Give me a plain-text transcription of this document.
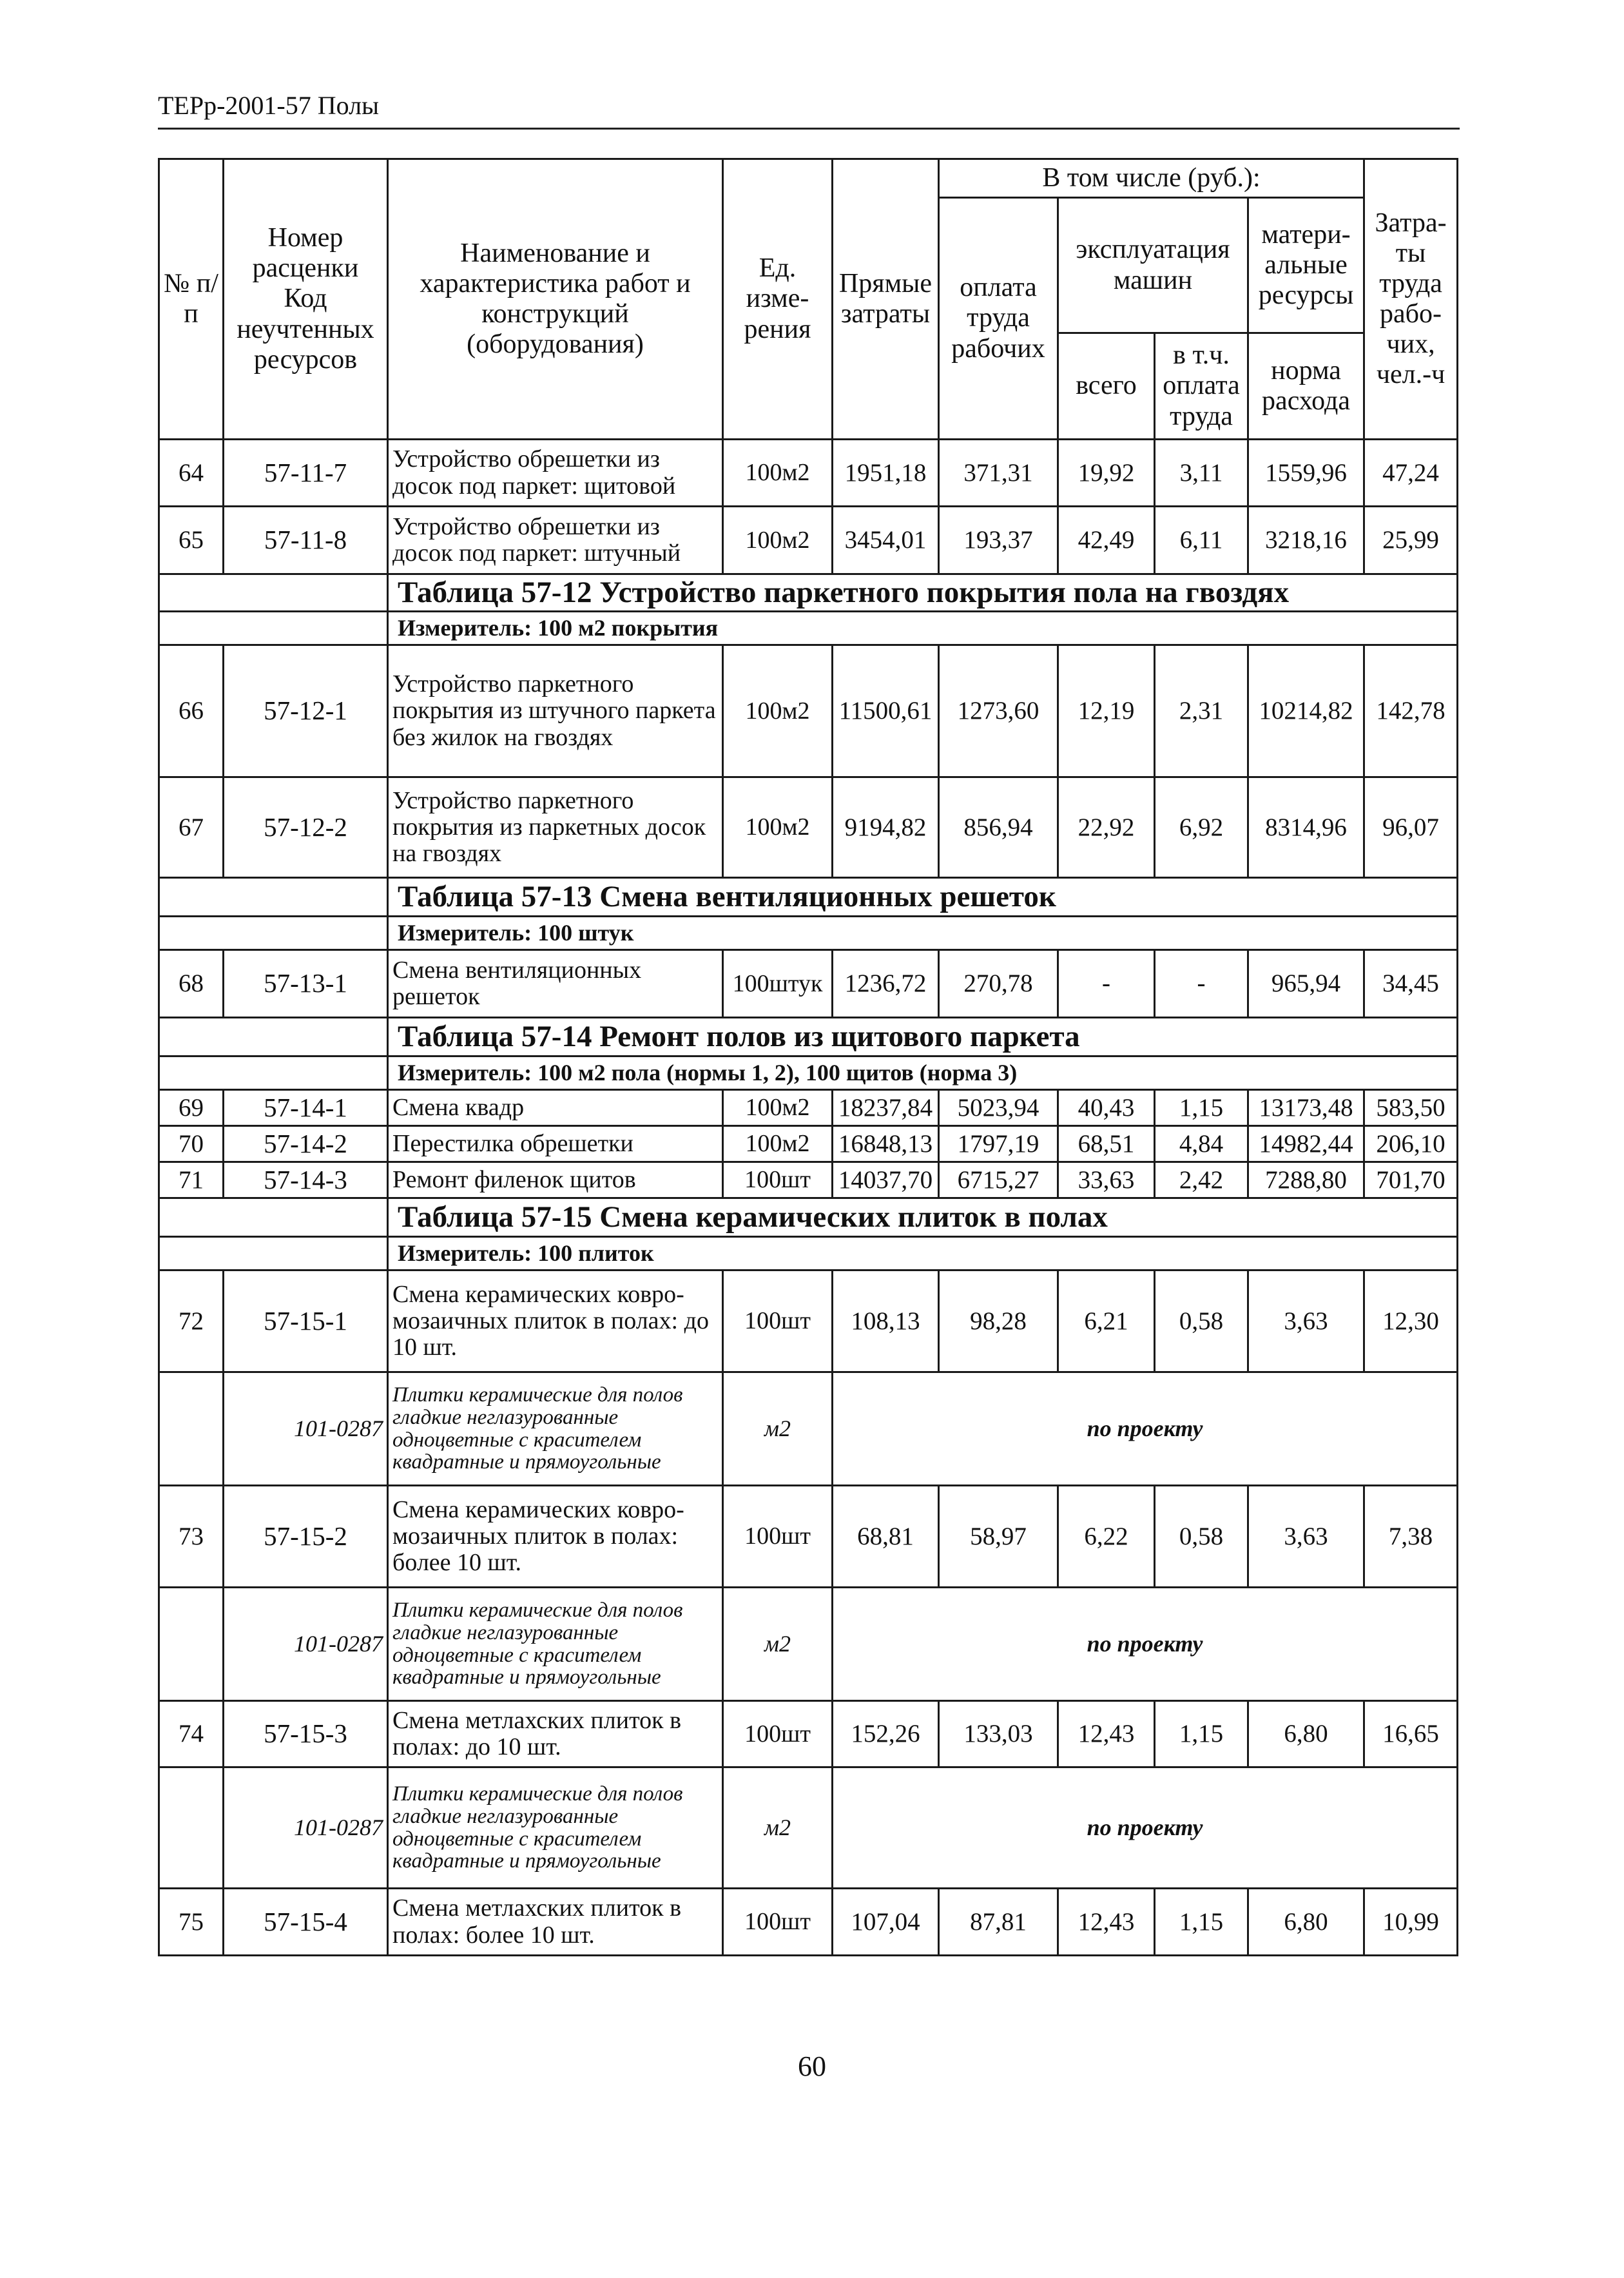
ТЕРр-2001-57 Полы
№ п/п	Номер расценки Код неучтенных ресурсов	Наименование и характеристика работ и конструкций (оборудования)	Ед. изме-рения	Прямые затраты	В том числе (руб.):				Затра-ты труда рабо-чих, чел.-ч
					оплата труда рабочих	эксплуатация машин		матери-альные ресурсы	
						всего	в т.ч. оплата труда	норма расхода	
64	57-11-7	Устройство обрешетки из досок под паркет: щитовой	100м2	1951,18	371,31	19,92	3,11	1559,96	47,24
65	57-11-8	Устройство обрешетки из досок под паркет: штучный	100м2	3454,01	193,37	42,49	6,11	3218,16	25,99
		Таблица 57-12 Устройство паркетного покрытия пола на гвоздях							
		Измеритель: 100 м2 покрытия							
66	57-12-1	Устройство паркетного покрытия из штучного паркета без жилок на гвоздях	100м2	11500,61	1273,60	12,19	2,31	10214,82	142,78
67	57-12-2	Устройство паркетного покрытия из паркетных досок на гвоздях	100м2	9194,82	856,94	22,92	6,92	8314,96	96,07
		Таблица 57-13 Смена вентиляционных решеток							
		Измеритель: 100 штук							
68	57-13-1	Смена вентиляционных решеток	100штук	1236,72	270,78	-	-	965,94	34,45
		Таблица 57-14 Ремонт полов из щитового паркета							
		Измеритель: 100 м2 пола (нормы 1, 2), 100 щитов (норма 3)							
69	57-14-1	Смена квадр	100м2	18237,84	5023,94	40,43	1,15	13173,48	583,50
70	57-14-2	Перестилка обрешетки	100м2	16848,13	1797,19	68,51	4,84	14982,44	206,10
71	57-14-3	Ремонт филенок щитов	100шт	14037,70	6715,27	33,63	2,42	7288,80	701,70
		Таблица 57-15 Смена керамических плиток в полах							
		Измеритель: 100 плиток							
72	57-15-1	Смена керамических ковро-мозаичных плиток в полах: до 10 шт.	100шт	108,13	98,28	6,21	0,58	3,63	12,30
	101-0287	Плитки керамические для полов гладкие неглазурованные одноцветные с красителем квадратные и прямоугольные	м2	по проекту					
73	57-15-2	Смена керамических ковро-мозаичных плиток в полах: более 10 шт.	100шт	68,81	58,97	6,22	0,58	3,63	7,38
	101-0287	Плитки керамические для полов гладкие неглазурованные одноцветные с красителем квадратные и прямоугольные	м2	по проекту					
74	57-15-3	Смена метлахских плиток в полах: до 10 шт.	100шт	152,26	133,03	12,43	1,15	6,80	16,65
	101-0287	Плитки керамические для полов гладкие неглазурованные одноцветные с красителем квадратные и прямоугольные	м2	по проекту					
75	57-15-4	Смена метлахских плиток в полах: более 10 шт.	100шт	107,04	87,81	12,43	1,15	6,80	10,99
60
